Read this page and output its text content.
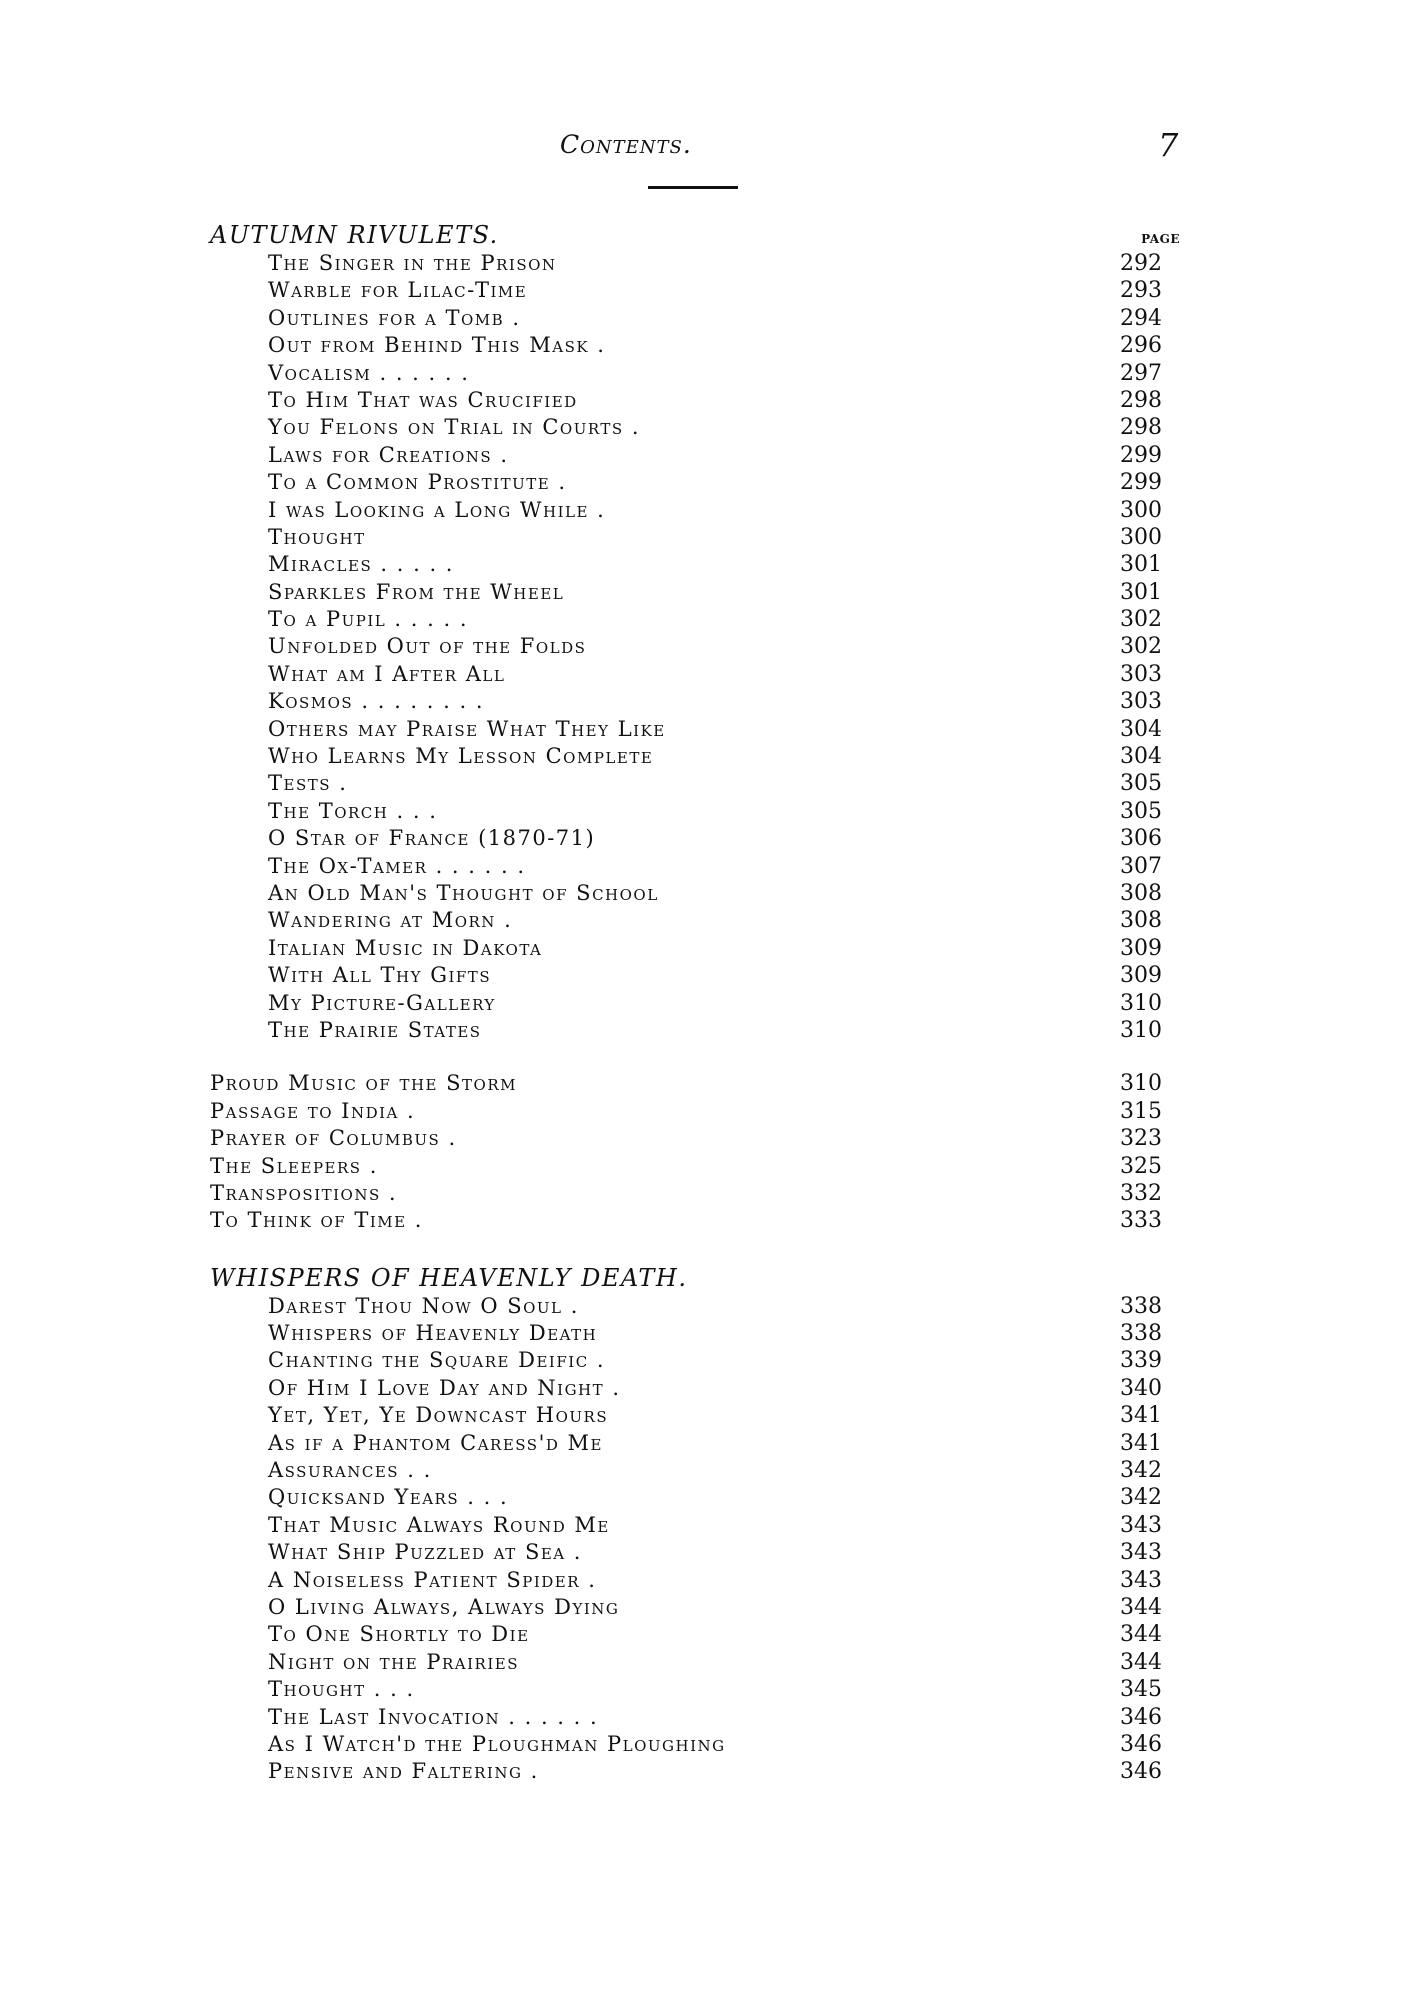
Contents.	7
AUTUMN RIVULETS.	PAGE
The Singer in the Prison	292
Warble for Lilac-Time	293
Outlines for a Tomb .	294
Out from Behind This Mask .	296
Vocalism . . . . . .	297
To Him That was Crucified	298
You Felons on Trial in Courts .	298
Laws for Creations .	299
To a Common Prostitute .	299
I was Looking a Long While .	300
Thought	300
Miracles . . . . .	301
Sparkles From the Wheel	301
To a Pupil . . . . .	302
Unfolded Out of the Folds	302
What am I After All	303
Kosmos . . . . . . . .	303
Others may Praise What They Like	304
Who Learns My Lesson Complete	304
Tests .	305
The Torch . . .	305
O Star of France (1870-71)	306
The Ox-Tamer . . . . . .	307
An Old Man's Thought of School	308
Wandering at Morn .	308
Italian Music in Dakota	309
With All Thy Gifts	309
My Picture-Gallery	310
The Prairie States	310
Proud Music of the Storm	310
Passage to India .	315
Prayer of Columbus .	323
The Sleepers .	325
Transpositions .	332
To Think of Time .	333
WHISPERS OF HEAVENLY DEATH.
Darest Thou Now O Soul .	338
Whispers of Heavenly Death	338
Chanting the Square Deific .	339
Of Him I Love Day and Night .	340
Yet, Yet, Ye Downcast Hours	341
As if a Phantom Caress'd Me	341
Assurances . .	342
Quicksand Years . . .	342
That Music Always Round Me	343
What Ship Puzzled at Sea .	343
A Noiseless Patient Spider .	343
O Living Always, Always Dying	344
To One Shortly to Die	344
Night on the Prairies	344
Thought . . .	345
The Last Invocation . . . . . .	346
As I Watch'd the Ploughman Ploughing	346
Pensive and Faltering .	346
